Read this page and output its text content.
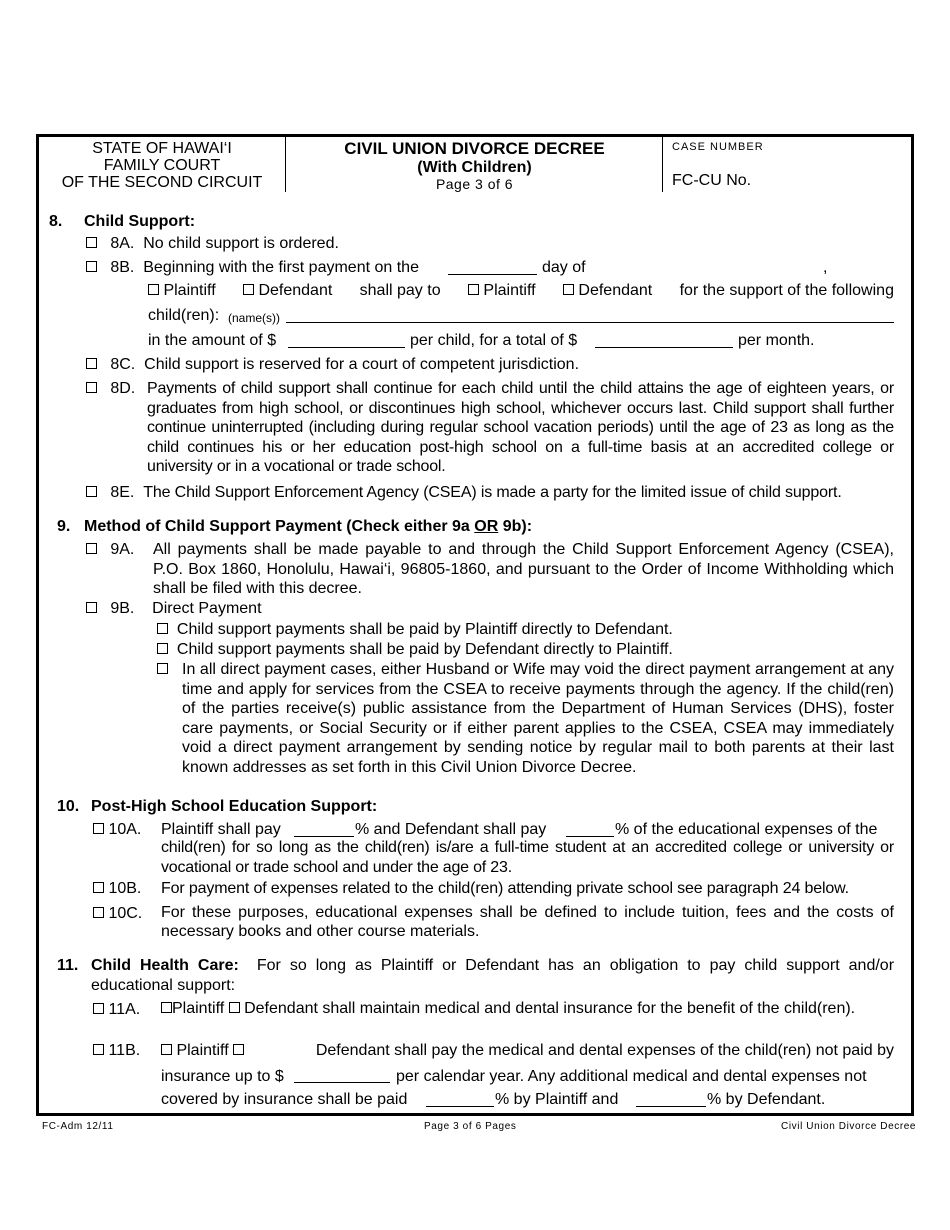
STATE OF HAWAI‘I
FAMILY COURT
OF THE SECOND CIRCUIT
CIVIL UNION DIVORCE DECREE
(With Children)
Page 3 of 6
CASE NUMBER
FC-CU No.
8. Child Support:
8A. No child support is ordered.
8B. Beginning with the first payment on the	day of	,
Plaintiff	Defendant shall pay to	Plaintiff	Defendant for the support of the following
child(ren): (name(s))
in the amount of $	per child, for a total of $	per month.
8C. Child support is reserved for a court of competent jurisdiction.
8D. Payments of child support shall continue for each child until the child attains the age of eighteen years, or graduates from high school, or discontinues high school, whichever occurs last. Child support shall further continue uninterrupted (including during regular school vacation periods) until the age of 23 as long as the child continues his or her education post-high school on a full-time basis at an accredited college or university or in a vocational or trade school.
8E. The Child Support Enforcement Agency (CSEA) is made a party for the limited issue of child support.
9. Method of Child Support Payment (Check either 9a OR 9b):
9A. All payments shall be made payable to and through the Child Support Enforcement Agency (CSEA), P.O. Box 1860, Honolulu, Hawai‘i, 96805-1860, and pursuant to the Order of Income Withholding which shall be filed with this decree.
9B. Direct Payment
Child support payments shall be paid by Plaintiff directly to Defendant.
Child support payments shall be paid by Defendant directly to Plaintiff.
In all direct payment cases, either Husband or Wife may void the direct payment arrangement at any time and apply for services from the CSEA to receive payments through the agency. If the child(ren) of the parties receive(s) public assistance from the Department of Human Services (DHS), foster care payments, or Social Security or if either parent applies to the CSEA, CSEA may immediately void a direct payment arrangement by sending notice by regular mail to both parents at their last known addresses as set forth in this Civil Union Divorce Decree.
10. Post-High School Education Support:
10A. Plaintiff shall pay	% and Defendant shall pay	% of the educational expenses of the
child(ren) for so long as the child(ren) is/are a full-time student at an accredited college or university or vocational or trade school and under the age of 23.
10B. For payment of expenses related to the child(ren) attending private school see paragraph 24 below.
10C. For these purposes, educational expenses shall be defined to include tuition, fees and the costs of necessary books and other course materials.
11. Child Health Care: For so long as Plaintiff or Defendant has an obligation to pay child support and/or educational support:
11A.	Plaintiff Defendant shall maintain medical and dental insurance for the benefit of the child(ren).
11B.	Plaintiff	Defendant shall pay the medical and dental expenses of the child(ren) not paid by
insurance up to $	per calendar year. Any additional medical and dental expenses not
covered by insurance shall be paid	% by Plaintiff and	% by Defendant.
FC-Adm 12/11	Page 3 of 6 Pages	Civil Union Divorce Decree
